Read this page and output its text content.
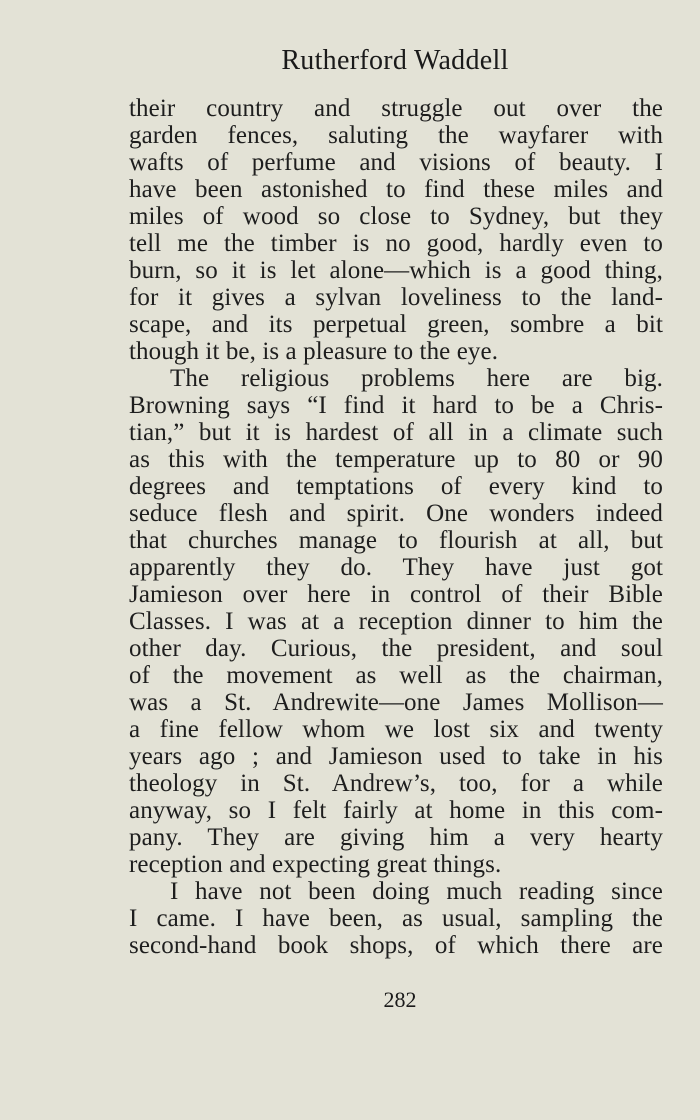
Rutherford Waddell
their country and struggle out over the
garden fences, saluting the wayfarer with
wafts of perfume and visions of beauty. I
have been astonished to find these miles and
miles of wood so close to Sydney, but they
tell me the timber is no good, hardly even to
burn, so it is let alone—which is a good thing,
for it gives a sylvan loveliness to the land-
scape, and its perpetual green, sombre a bit
though it be, is a pleasure to the eye.
The religious problems here are big.
Browning says “I find it hard to be a Chris-
tian,” but it is hardest of all in a climate such
as this with the temperature up to 80 or 90
degrees and temptations of every kind to
seduce flesh and spirit. One wonders indeed
that churches manage to flourish at all, but
apparently they do. They have just got
Jamieson over here in control of their Bible
Classes. I was at a reception dinner to him the
other day. Curious, the president, and soul
of the movement as well as the chairman,
was a St. Andrewite—one James Mollison—
a fine fellow whom we lost six and twenty
years ago ; and Jamieson used to take in his
theology in St. Andrew’s, too, for a while
anyway, so I felt fairly at home in this com-
pany. They are giving him a very hearty
reception and expecting great things.
I have not been doing much reading since
I came. I have been, as usual, sampling the
second-hand book shops, of which there are
282
